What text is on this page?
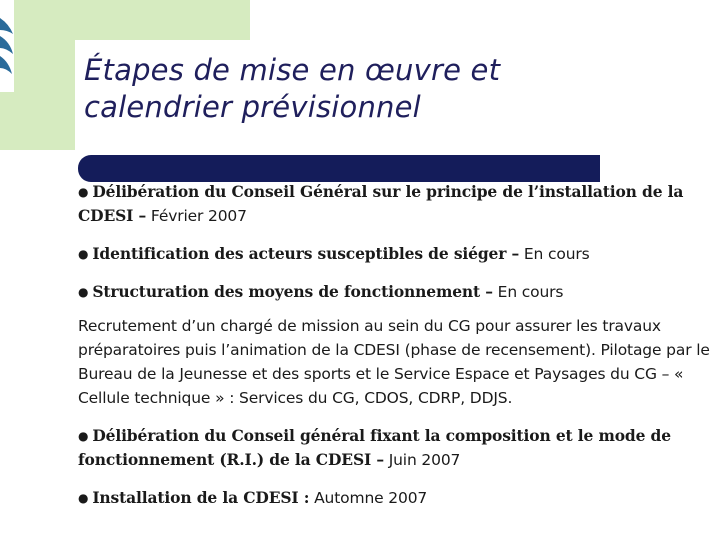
Étapes de mise en œuvre et
calendrier prévisionnel

● Délibération du Conseil Général sur le principe de l’installation de la CDESI – Février 2007

● Identification des acteurs susceptibles de siéger – En cours

● Structuration des moyens de fonctionnement – En cours

Recrutement d’un chargé de mission au sein du CG pour assurer les travaux préparatoires puis l’animation de la CDESI (phase de recensement). Pilotage par le Bureau de la Jeunesse et des sports et le Service Espace et Paysages du CG – « Cellule technique » : Services du CG, CDOS, CDRP, DDJS.

● Délibération du Conseil général fixant la composition et le mode de fonctionnement (R.I.) de la CDESI – Juin 2007

● Installation de la CDESI : Automne 2007
